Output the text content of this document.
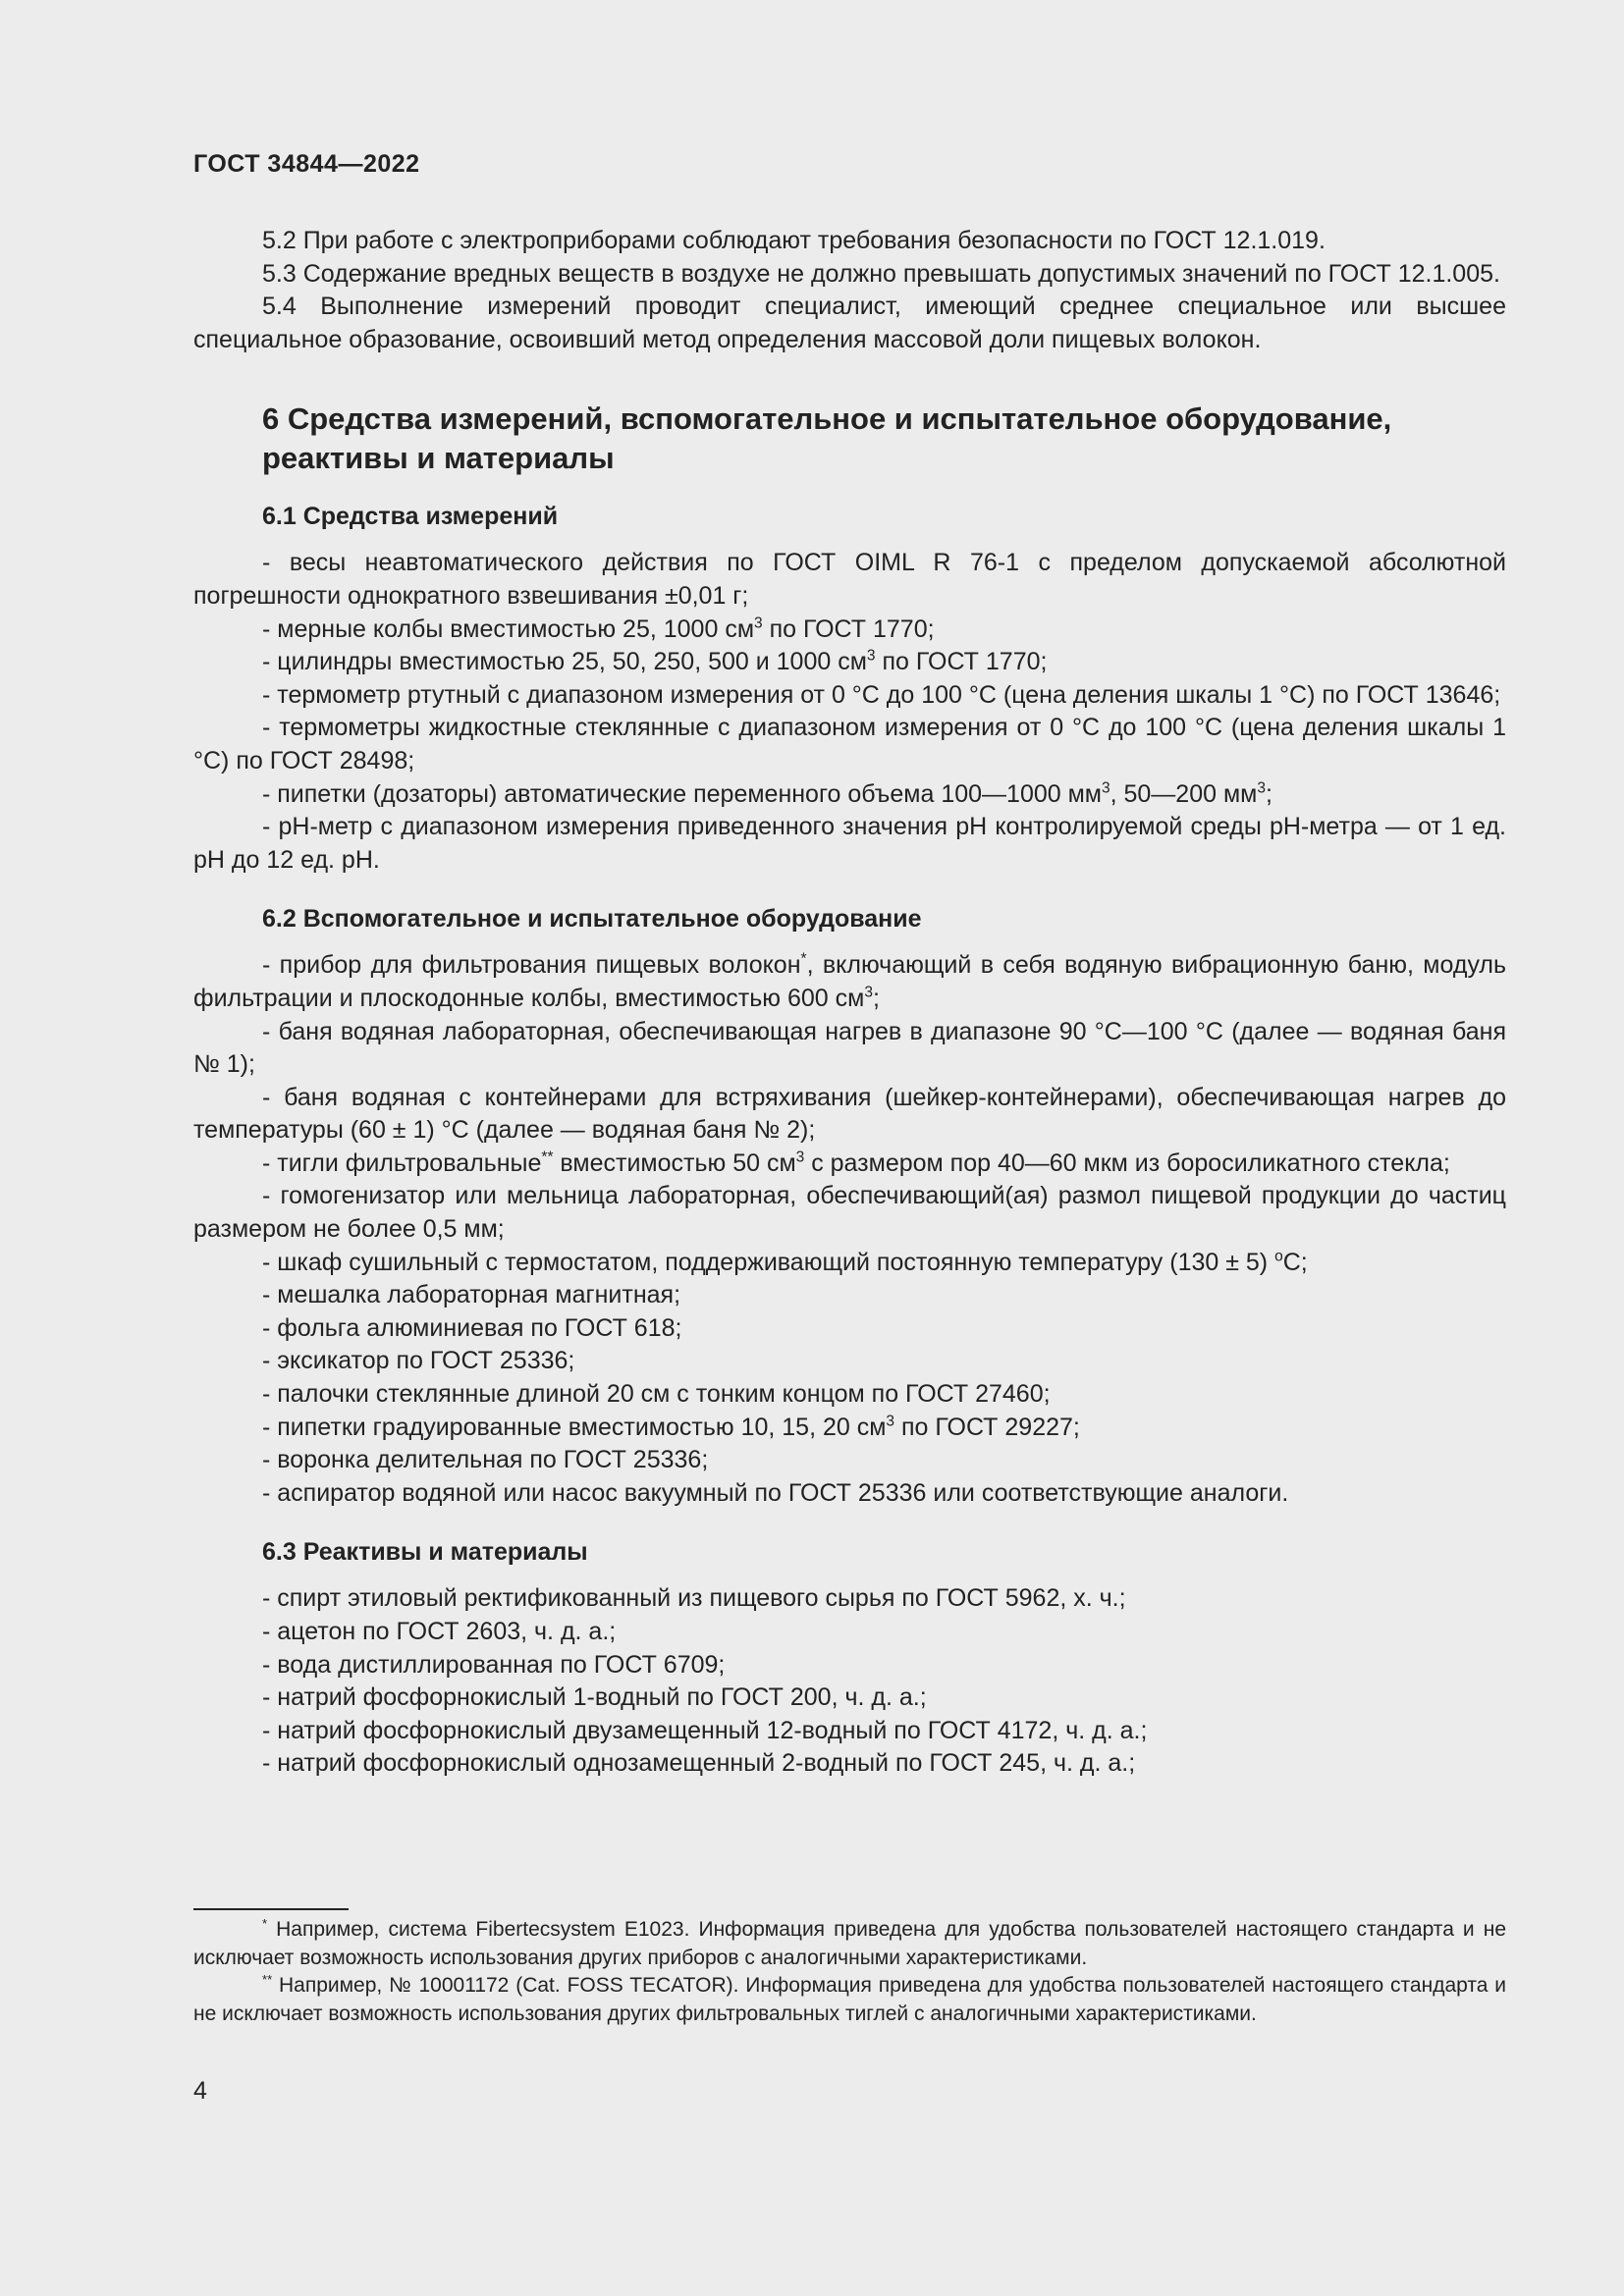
ГОСТ 34844—2022

5.2 При работе с электроприборами соблюдают требования безопасности по ГОСТ 12.1.019.

5.3 Содержание вредных веществ в воздухе не должно превышать допустимых значений по ГОСТ 12.1.005.

5.4 Выполнение измерений проводит специалист, имеющий среднее специальное или высшее специальное образование, освоивший метод определения массовой доли пищевых волокон.

6 Средства измерений, вспомогательное и испытательное оборудование, реактивы и материалы
6.1 Средства измерений

- весы неавтоматического действия по ГОСТ OIML R 76-1 с пределом допускаемой абсолютной погрешности однократного взвешивания ±0,01 г;

- мерные колбы вместимостью 25, 1000 $см^3$ по ГОСТ 1770;

- цилиндры вместимостью 25, 50, 250, 500 и 1000 $см^3$ по ГОСТ 1770;

- термометр ртутный с диапазоном измерения от 0 °С до 100 °С (цена деления шкалы 1 °С) по ГОСТ 13646;

- термометры жидкостные стеклянные с диапазоном измерения от 0 °С до 100 °С (цена деления шкалы 1 °С) по ГОСТ 28498;

- пипетки (дозаторы) автоматические переменного объема 100—1000 $мм^3$, 50—200 $мм^3$;

- pH-метр с диапазоном измерения приведенного значения pH контролируемой среды pH-метра — от 1 ед. pH до 12 ед. pH.

6.2 Вспомогательное и испытательное оборудование

- прибор для фильтрования пищевых волокон*, включающий в себя водяную вибрационную баню, модуль фильтрации и плоскодонные колбы, вместимостью 600 $см^3$;

- баня водяная лабораторная, обеспечивающая нагрев в диапазоне 90 °С—100 °С (далее — водяная баня № 1);

- баня водяная с контейнерами для встряхивания (шейкер-контейнерами), обеспечивающая нагрев до температуры (60 ± 1) °С (далее — водяная баня № 2);

- тигли фильтровальные** вместимостью 50 $см^3$ с размером пор 40—60 мкм из боросиликатного стекла;

- гомогенизатор или мельница лабораторная, обеспечивающий(ая) размол пищевой продукции до частиц размером не более 0,5 мм;

- шкаф сушильный с термостатом, поддерживающий постоянную температуру (130 ± 5) $^о$С;

- мешалка лабораторная магнитная;

- фольга алюминиевая по ГОСТ 618;

- эксикатор по ГОСТ 25336;

- палочки стеклянные длиной 20 см с тонким концом по ГОСТ 27460;

- пипетки градуированные вместимостью 10, 15, 20 $см^3$ по ГОСТ 29227;

- воронка делительная по ГОСТ 25336;

- аспиратор водяной или насос вакуумный по ГОСТ 25336 или соответствующие аналоги.

6.3 Реактивы и материалы

- спирт этиловый ректификованный из пищевого сырья по ГОСТ 5962, х. ч.;

- ацетон по ГОСТ 2603, ч. д. а.;

- вода дистиллированная по ГОСТ 6709;

- натрий фосфорнокислый 1-водный по ГОСТ 200, ч. д. а.;

- натрий фосфорнокислый двузамещенный 12-водный по ГОСТ 4172, ч. д. а.;

- натрий фосфорнокислый однозамещенный 2-водный по ГОСТ 245, ч. д. а.;

* Например, система Fibertecsystem E1023. Информация приведена для удобства пользователей настоящего стандарта и не исключает возможность использования других приборов с аналогичными характеристиками.

** Например, № 10001172 (Cat. FOSS TECATOR). Информация приведена для удобства пользователей настоящего стандарта и не исключает возможность использования других фильтровальных тиглей с аналогичными характеристиками.

4
